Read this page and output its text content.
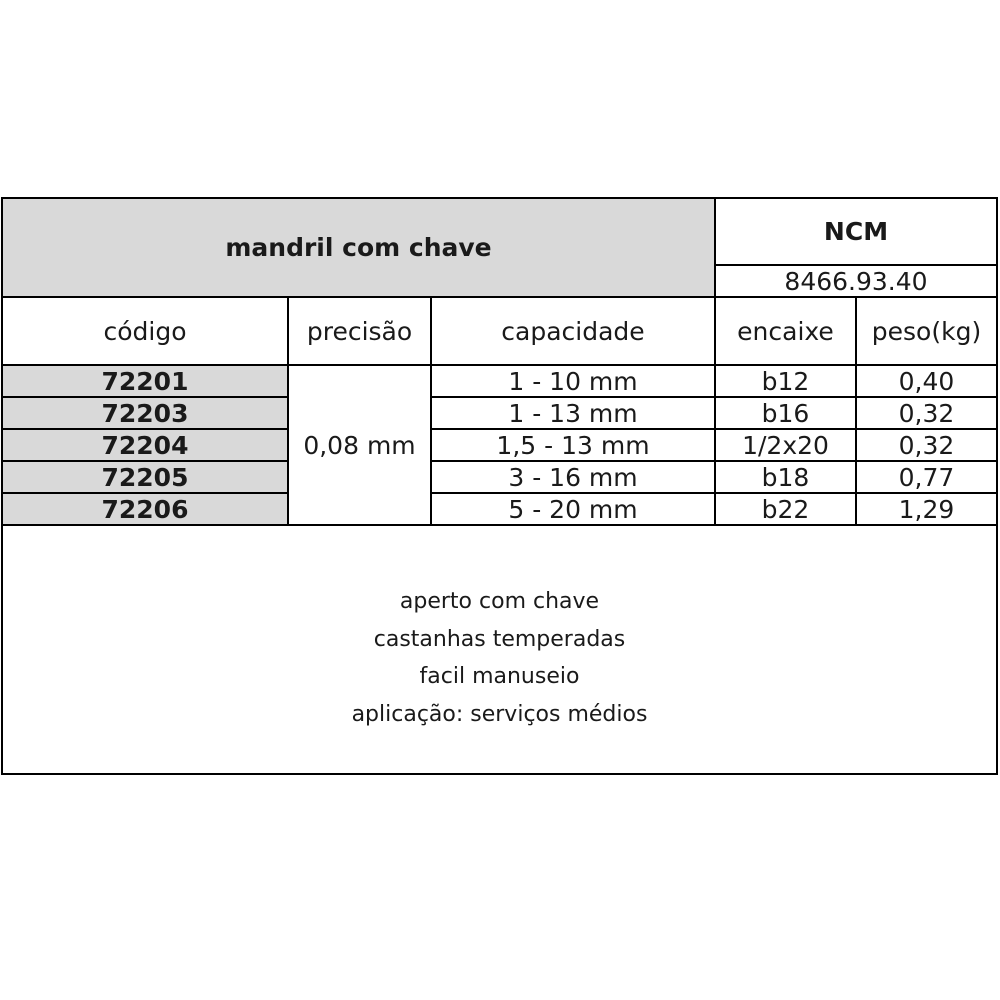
mandril com chave			NCM	
			8466.93.40	
código	precisão	capacidade	encaixe	peso(kg)
72201	0,08 mm	1 - 10 mm	b12	0,40
72203		1 - 13 mm	b16	0,32
72204		1,5 - 13 mm	1/2x20	0,32
72205		3 - 16 mm	b18	0,77
72206		5 - 20 mm	b22	1,29
aperto com chave
castanhas temperadas
facil manuseio
aplicação: serviços médios
